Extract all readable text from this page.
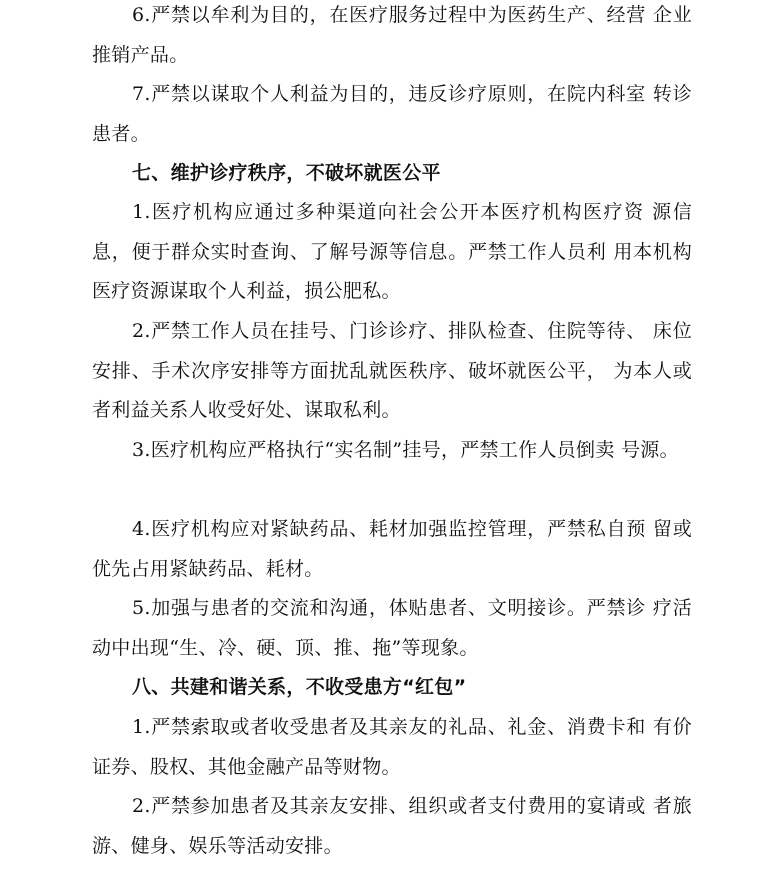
6.严禁以牟利为目的，在医疗服务过程中为医药生产、经营 企业推销产品。

7.严禁以谋取个人利益为目的，违反诊疗原则，在院内科室 转诊患者。

七、维护诊疗秩序，不破坏就医公平

1.医疗机构应通过多种渠道向社会公开本医疗机构医疗资 源信息，便于群众实时查询、了解号源等信息。严禁工作人员利 用本机构医疗资源谋取个人利益，损公肥私。

2.严禁工作人员在挂号、门诊诊疗、排队检查、住院等待、 床位安排、手术次序安排等方面扰乱就医秩序、破坏就医公平， 为本人或者利益关系人收受好处、谋取私利。

3.医疗机构应严格执行“实名制”挂号，严禁工作人员倒卖 号源。

4.医疗机构应对紧缺药品、耗材加强监控管理，严禁私自预 留或优先占用紧缺药品、耗材。

5.加强与患者的交流和沟通，体贴患者、文明接诊。严禁诊 疗活动中出现“生、冷、硬、顶、推、拖”等现象。

八、共建和谐关系，不收受患方“红包”

1.严禁索取或者收受患者及其亲友的礼品、礼金、消费卡和 有价证券、股权、其他金融产品等财物。

2.严禁参加患者及其亲友安排、组织或者支付费用的宴请或 者旅游、健身、娱乐等活动安排。
